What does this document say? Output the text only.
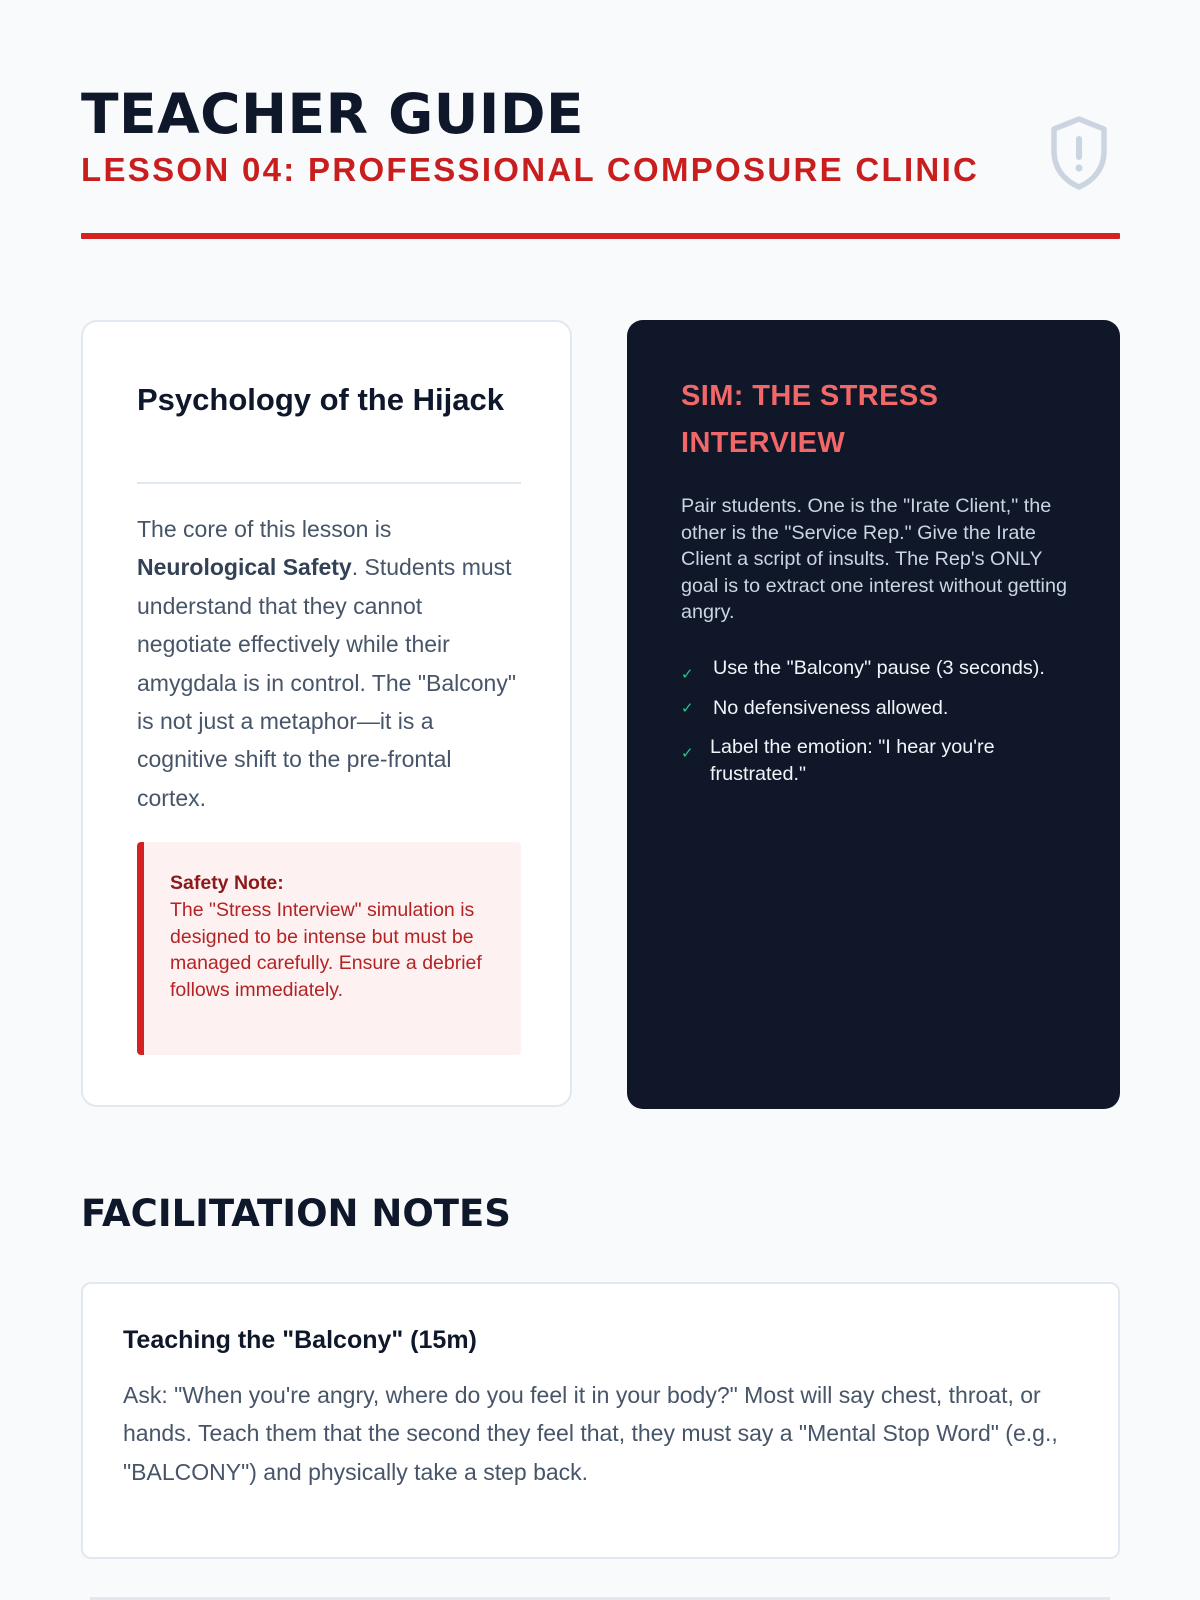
TEACHER GUIDE
LESSON 04: PROFESSIONAL COMPOSURE CLINIC
Psychology of the Hijack

The core of this lesson is Neurological Safety. Students must understand that they cannot negotiate effectively while their amygdala is in control. The "Balcony" is not just a metaphor—it is a cognitive shift to the pre-frontal cortex.

Safety Note:
The "Stress Interview" simulation is designed to be intense but must be managed carefully. Ensure a debrief follows immediately.
SIM: THE STRESS INTERVIEW

Pair students. One is the "Irate Client," the other is the "Service Rep." Give the Irate Client a script of insults. The Rep's ONLY goal is to extract one interest without getting angry.

✓ Use the "Balcony" pause (3 seconds).
✓ No defensiveness allowed.
✓ Label the emotion: "I hear you're frustrated."
FACILITATION NOTES
Teaching the "Balcony" (15m)

Ask: "When you're angry, where do you feel it in your body?" Most will say chest, throat, or hands. Teach them that the second they feel that, they must say a "Mental Stop Word" (e.g., "BALCONY") and physically take a step back.
